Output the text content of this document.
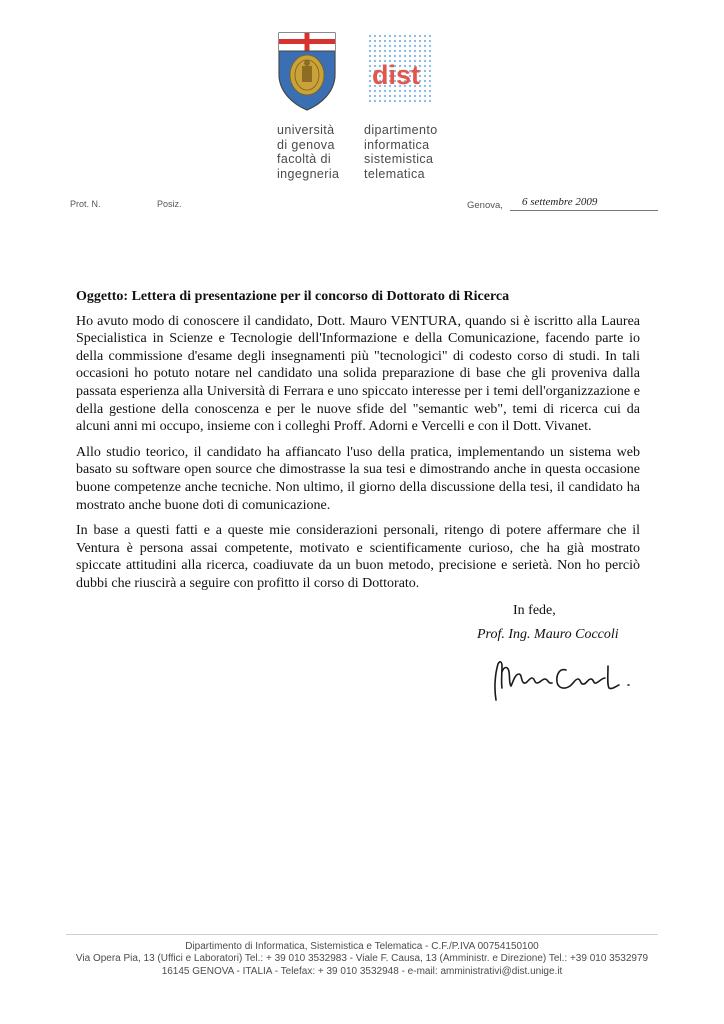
dist
università
di genova
facoltà di
ingegneria
dipartimento
informatica
sistemistica
telematica
Prot. N.	Posiz.	Genova,	6 settembre 2009

Oggetto: Lettera di presentazione per il concorso di Dottorato di Ricerca

Ho avuto modo di conoscere il candidato, Dott. Mauro VENTURA, quando si è iscritto alla Laurea Specialistica in Scienze e Tecnologie dell'Informazione e della Comunicazione, facendo parte io della commissione d'esame degli insegnamenti più "tecnologici" di codesto corso di studi. In tali occasioni ho potuto notare nel candidato una solida preparazione di base che gli proveniva dalla passata esperienza alla Università di Ferrara e uno spiccato interesse per i temi dell'organizzazione e della gestione della conoscenza e per le nuove sfide del "semantic web", temi di ricerca cui da alcuni anni mi occupo, insieme con i colleghi Proff. Adorni e Vercelli e con il Dott. Vivanet.

Allo studio teorico, il candidato ha affiancato l'uso della pratica, implementando un sistema web basato su software open source che dimostrasse la sua tesi e dimostrando anche in questa occasione buone competenze anche tecniche. Non ultimo, il giorno della discussione della tesi, il candidato ha mostrato anche buone doti di comunicazione.

In base a questi fatti e a queste mie considerazioni personali, ritengo di potere affermare che il Ventura è persona assai competente, motivato e scientificamente curioso, che ha già mostrato spiccate attitudini alla ricerca, coadiuvate da un buon metodo, precisione e serietà. Non ho perciò dubbi che riuscirà a seguire con profitto il corso di Dottorato.

In fede,
Prof. Ing. Mauro Coccoli
Dipartimento di Informatica, Sistemistica e Telematica - C.F./P.IVA 00754150100
Via Opera Pia, 13 (Uffici e Laboratori) Tel.: + 39 010 3532983 - Viale F. Causa, 13 (Amministr. e Direzione) Tel.: +39 010 3532979
16145 GENOVA - ITALIA - Telefax: + 39 010 3532948 - e-mail: amministrativi@dist.unige.it
